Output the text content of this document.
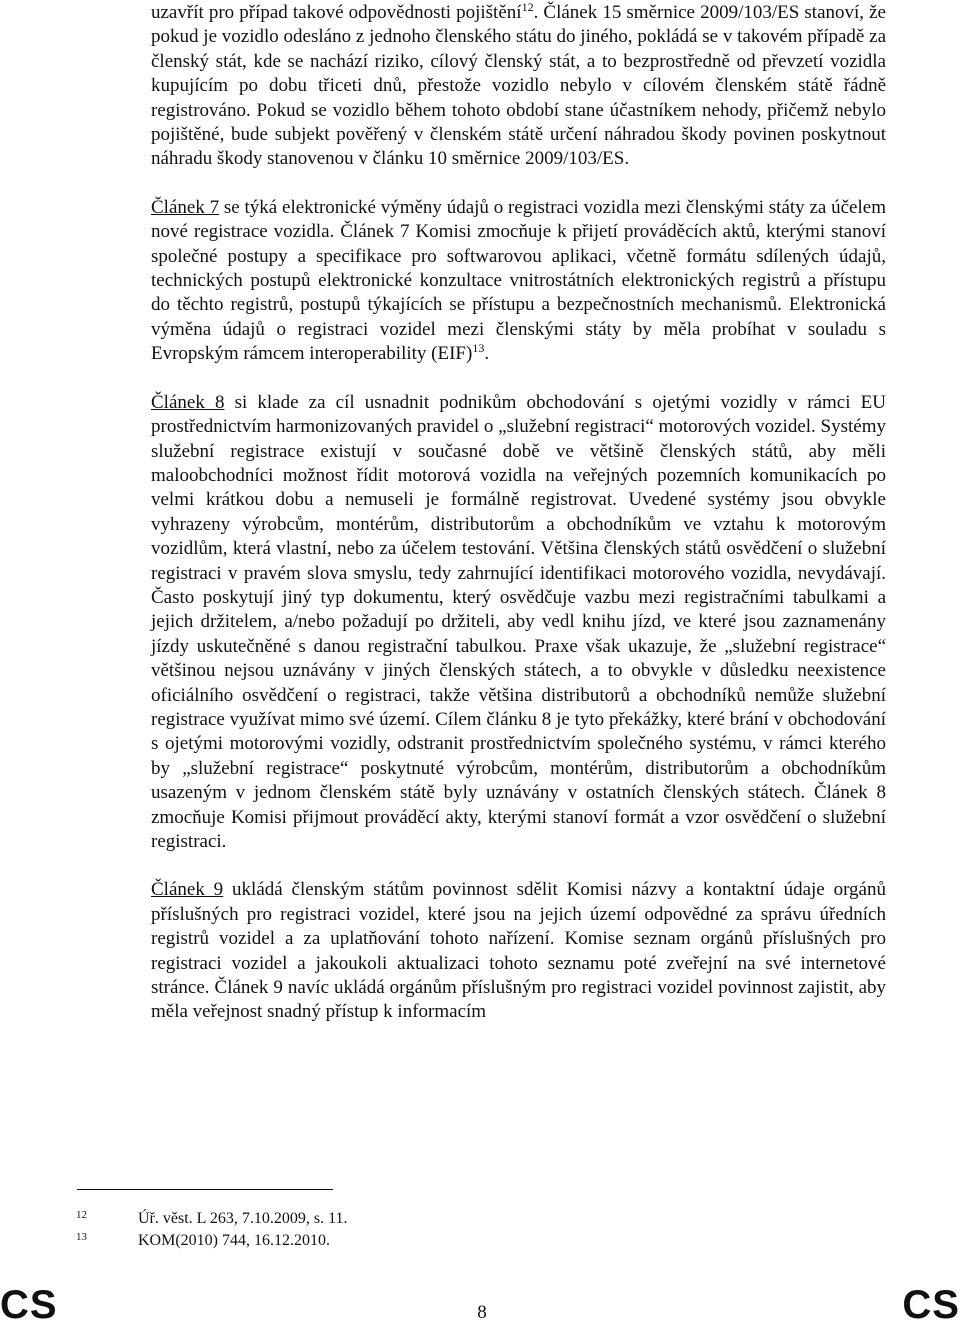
uzavřít pro případ takové odpovědnosti pojištění$^{12}$. Článek 15 směrnice 2009/103/ES stanoví, že pokud je vozidlo odesláno z jednoho členského státu do jiného, pokládá se v takovém případě za členský stát, kde se nachází riziko, cílový členský stát, a to bezprostředně od převzetí vozidla kupujícím po dobu třiceti dnů, přestože vozidlo nebylo v cílovém členském státě řádně registrováno. Pokud se vozidlo během tohoto období stane účastníkem nehody, přičemž nebylo pojištěné, bude subjekt pověřený v členském státě určení náhradou škody povinen poskytnout náhradu škody stanovenou v článku 10 směrnice 2009/103/ES.

Článek 7 se týká elektronické výměny údajů o registraci vozidla mezi členskými státy za účelem nové registrace vozidla. Článek 7 Komisi zmocňuje k přijetí prováděcích aktů, kterými stanoví společné postupy a specifikace pro softwarovou aplikaci, včetně formátu sdílených údajů, technických postupů elektronické konzultace vnitrostátních elektronických registrů a přístupu do těchto registrů, postupů týkajících se přístupu a bezpečnostních mechanismů. Elektronická výměna údajů o registraci vozidel mezi členskými státy by měla probíhat v souladu s Evropským rámcem interoperability (EIF)$^{13}$.

Článek 8 si klade za cíl usnadnit podnikům obchodování s ojetými vozidly v rámci EU prostřednictvím harmonizovaných pravidel o „služební registraci“ motorových vozidel. Systémy služební registrace existují v současné době ve většině členských států, aby měli maloobchodníci možnost řídit motorová vozidla na veřejných pozemních komunikacích po velmi krátkou dobu a nemuseli je formálně registrovat. Uvedené systémy jsou obvykle vyhrazeny výrobcům, montérům, distributorům a obchodníkům ve vztahu k motorovým vozidlům, která vlastní, nebo za účelem testování. Většina členských států osvědčení o služební registraci v pravém slova smyslu, tedy zahrnující identifikaci motorového vozidla, nevydávají. Často poskytují jiný typ dokumentu, který osvědčuje vazbu mezi registračními tabulkami a jejich držitelem, a/nebo požadují po držiteli, aby vedl knihu jízd, ve které jsou zaznamenány jízdy uskutečněné s danou registrační tabulkou. Praxe však ukazuje, že „služební registrace“ většinou nejsou uznávány v jiných členských státech, a to obvykle v důsledku neexistence oficiálního osvědčení o registraci, takže většina distributorů a obchodníků nemůže služební registrace využívat mimo své území. Cílem článku 8 je tyto překážky, které brání v obchodování s ojetými motorovými vozidly, odstranit prostřednictvím společného systému, v rámci kterého by „služební registrace“ poskytnuté výrobcům, montérům, distributorům a obchodníkům usazeným v jednom členském státě byly uznávány v ostatních členských státech. Článek 8 zmocňuje Komisi přijmout prováděcí akty, kterými stanoví formát a vzor osvědčení o služební registraci.

Článek 9 ukládá členským státům povinnost sdělit Komisi názvy a kontaktní údaje orgánů příslušných pro registraci vozidel, které jsou na jejich území odpovědné za správu úředních registrů vozidel a za uplatňování tohoto nařízení. Komise seznam orgánů příslušných pro registraci vozidel a jakoukoli aktualizaci tohoto seznamu poté zveřejní na své internetové stránce. Článek 9 navíc ukládá orgánům příslušným pro registraci vozidel povinnost zajistit, aby měla veřejnost snadný přístup k informacím

12	Úř. věst. L 263, 7.10.2009, s. 11.
13	KOM(2010) 744, 16.12.2010.
CS	8	CS
